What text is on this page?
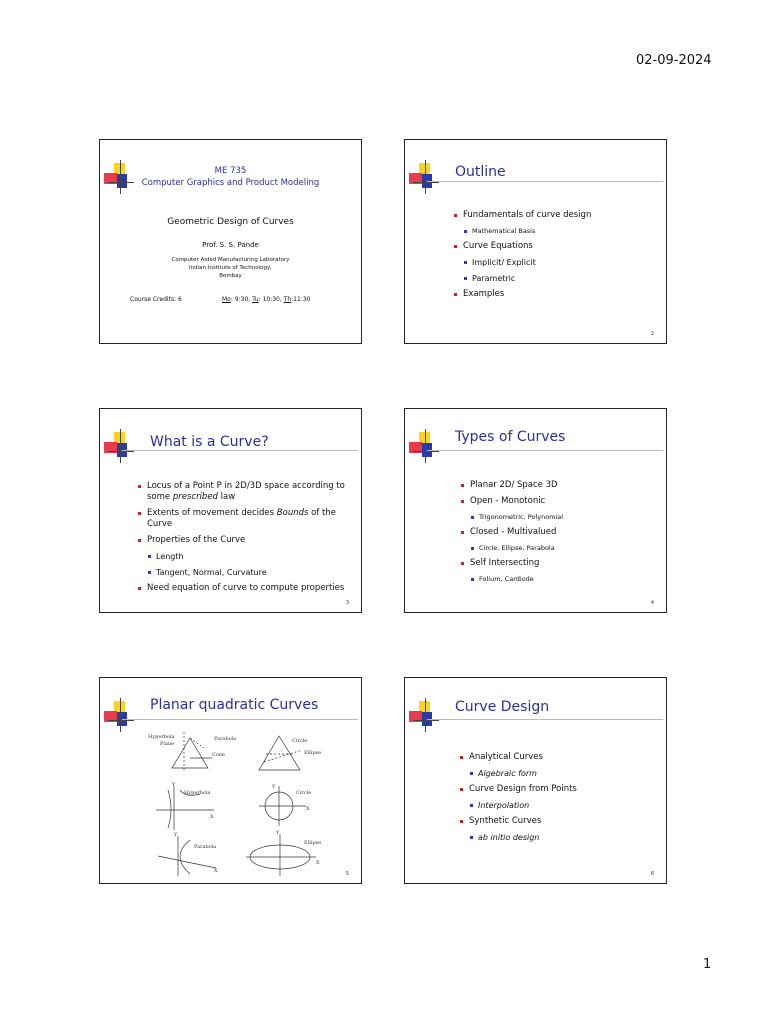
02-09-2024
ME 735
Computer Graphics and Product Modeling
Geometric Design of Curves
Prof. S. S. Pande
Computer Aided Manufacturing Laboratory
Indian Institute of Technology,
Bombay
Course Credits: 6	Mo: 9:30, Tu: 10:30, Th:11:30
Outline
Fundamentals of curve design
Mathematical Basis
Curve Equations
Implicit/ Explicit
Parametric
Examples
2
What is a Curve?
Locus of a Point P in 2D/3D space according to some prescribed law
Extents of movement decides Bounds of the Curve
Properties of the Curve
Length
Tangent, Normal, Curvature
Need equation of curve to compute properties
3
Types of Curves
Planar 2D/ Space 3D
Open - Monotonic
Trigonometric, Polynomial
Closed - Multivalued
Circle, Ellipse, Parabola
Self Intersecting
Folium, Cardiode
4
Planar quadratic Curves
Hyperbola
Plane
Parabola
Cone
Circle
Ellipse
Y
Hyperbola
X
Y
Circle
X
Y
Parabola
X
Y
Ellipse
X
5
Curve Design
Analytical Curves
Algebraic form
Curve Design from Points
Interpolation
Synthetic Curves
ab initio design
6
1
